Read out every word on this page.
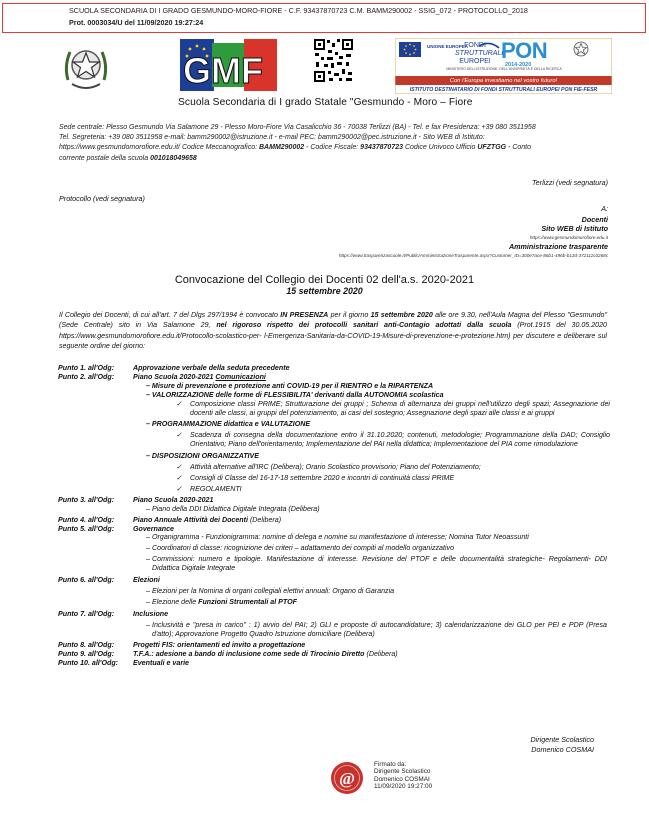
SCUOLA SECONDARIA DI I GRADO GESMUNDO-MORO-FIORE - C.F. 93437870723 C.M. BAMM290002 - SSIG_072 - PROTOCOLLO_2018
Prot. 0003034/U del 11/09/2020 19:27:24
GMF
UNIONE EUROPEA
FONDI
STRUTTURALI
EUROPEI PON
2014-2020
MINISTERO DELL'ISTRUZIONE, DELL'UNIVERSITÀ E DELLA RICERCA
Con l'Europa investiamo nel vostro futuro!
ISTITUTO DESTINATARIO DI FONDI STRUTTURALI EUROPEI PON FIE-FESR
Scuola Secondaria di I grado Statale "Gesmundo - Moro – Fiore
Sede centrale: Plesso Gesmundo Via Salamone 29 - Plesso Moro-Fiore Via Casalicchio 36 - 70038 Terlizzi (BA) - Tel. e fax Presidenza: +39 080 3511958
Tel. Segreteria: +39 080 3511958 e-mail: bamm290002@istruzione.it - e-mail PEC: bamm290002@pec.istruzione.it - Sito WEB di Istituto:
https://www.gesmundomorofiore.edu.it/ Codice Meccanografico: BAMM290002 - Codice Fiscale: 93437870723 Codice Univoco Ufficio UFZTGG - Conto
corrente postale della scuola 001018049658
Terlizzi (vedi segnatura)
Protocollo (vedi segnatura)
A:
Docenti
Sito WEB di Istituto
https://www.gesmundomorofiore.edu.it
Amministrazione trasparente
https://www.trasparenzascuole.it/Public/AmministrazioneTrasparente.aspx?Customer_ID=300e7ace-86b1-496b-b13d-372111c0268c
Convocazione del Collegio dei Docenti 02 dell'a.s. 2020-2021
15 settembre 2020
Il Collegio dei Docenti, di cui all'art. 7 del Dlgs 297/1994 è convocato IN PRESENZA per il giorno 15 settembre 2020 alle ore 9.30, nell'Aula Magna del Plesso "Gesmundo" (Sede Centrale) sito in Via Salamone 29, nel rigoroso rispetto dei protocolli sanitari anti-Contagio adottati dalla scuola (Prot.1915 del 30.05.2020 https://www.gesmundomorofiore.edu.it/Protocollo-scolastico-per- l-Emergenza-Sanitaria-da-COVID-19-Misure-di-prevenzione-e-protezione.htm) per discutere e deliberare sul seguente ordine del giorno:
Punto 1. all'Odg:	Approvazione verbale della seduta precedente
Punto 2. all'Odg:	Piano Scuola 2020-2021 Comunicazioni
– Misure di prevenzione e protezione anti COVID-19 per il RIENTRO e la RIPARTENZA
– VALORIZZAZIONE delle forme di FLESSIBILITA' derivanti dalla AUTONOMIA scolastica
✓	Composizione classi PRIME; Strutturazione dei gruppi ; Schema di alternanza dei gruppi nell'utilizzo degli spazi; Assegnazione dei docenti alle classi, ai gruppi del potenziamento, ai casi del sostegno; Assegnazione degli spazi alle classi e ai gruppi
– PROGRAMMAZIONE didattica e VALUTAZIONE
✓	Scadenza di consegna della documentazione entro il 31.10.2020; contenuti, metodologie; Programmazione della DAD; Consiglio Orientativo; Piano dell'orientamento; Implementazione del PAI nella didattica; Implementazione del PIA come rimodulazione
– DISPOSIZIONI ORGANIZZATIVE
✓	Attività alternative all'IRC (Delibera); Orario Scolastico provvisorio; Piano del Potenziamento;
✓	Consigli di Classe del 16-17-18 settembre 2020 e incontri di continuità classi PRIME
✓	REGOLAMENTI
Punto 3. all'Odg:	Piano Scuola 2020-2021
– Piano della DDI Didattica Digitale Integrata (Delibera)
Punto 4. all'Odg:	Piano Annuale Attività dei Docenti (Delibera)
Punto 5. all'Odg:	Governance
– Organigramma - Funzionigramma: nomine di delega e nomine su manifestazione di interesse; Nomina Tutor Neoassunti
– Coordinatori di classe: ricognizione dei criteri – adattamento dei compiti al modello organizzativo
– Commissioni: numero e tipologie. Manifestazione di interesse. Revisione del PTOF e delle documentalità strategiche- Regolamenti- DDI Didattica Digitale Integrate
Punto 6. all'Odg:	Elezioni
– Elezioni per la Nomina di organi collegiali elettivi annuali: Organo di Garanzia
– Elezione delle Funzioni Strumentali al PTOF
Punto 7. all'Odg:	Inclusione
– Inclusività e "presa in carico" : 1) avvio del PAI; 2) GLI e proposte di autocandidature; 3) calendarizzazione dei GLO per PEI e PDP (Presa d'atto); Approvazione Progetto Quadro Istruzione domiciliare (Delibera)
Punto 8. all'Odg:	Progetti FIS: orientamenti ed invito a progettazione
Punto 9. all'Odg:	T.F.A.: adesione a bando di inclusione come sede di Tirocinio Diretto (Delibera)
Punto 10. all'Odg:	Eventuali e varie
Dirigente Scolastico
Domenico COSMAI
@
Firmato da:
Dirigente Scolastico
Domenico COSMAI
11/09/2020 19:27:00
